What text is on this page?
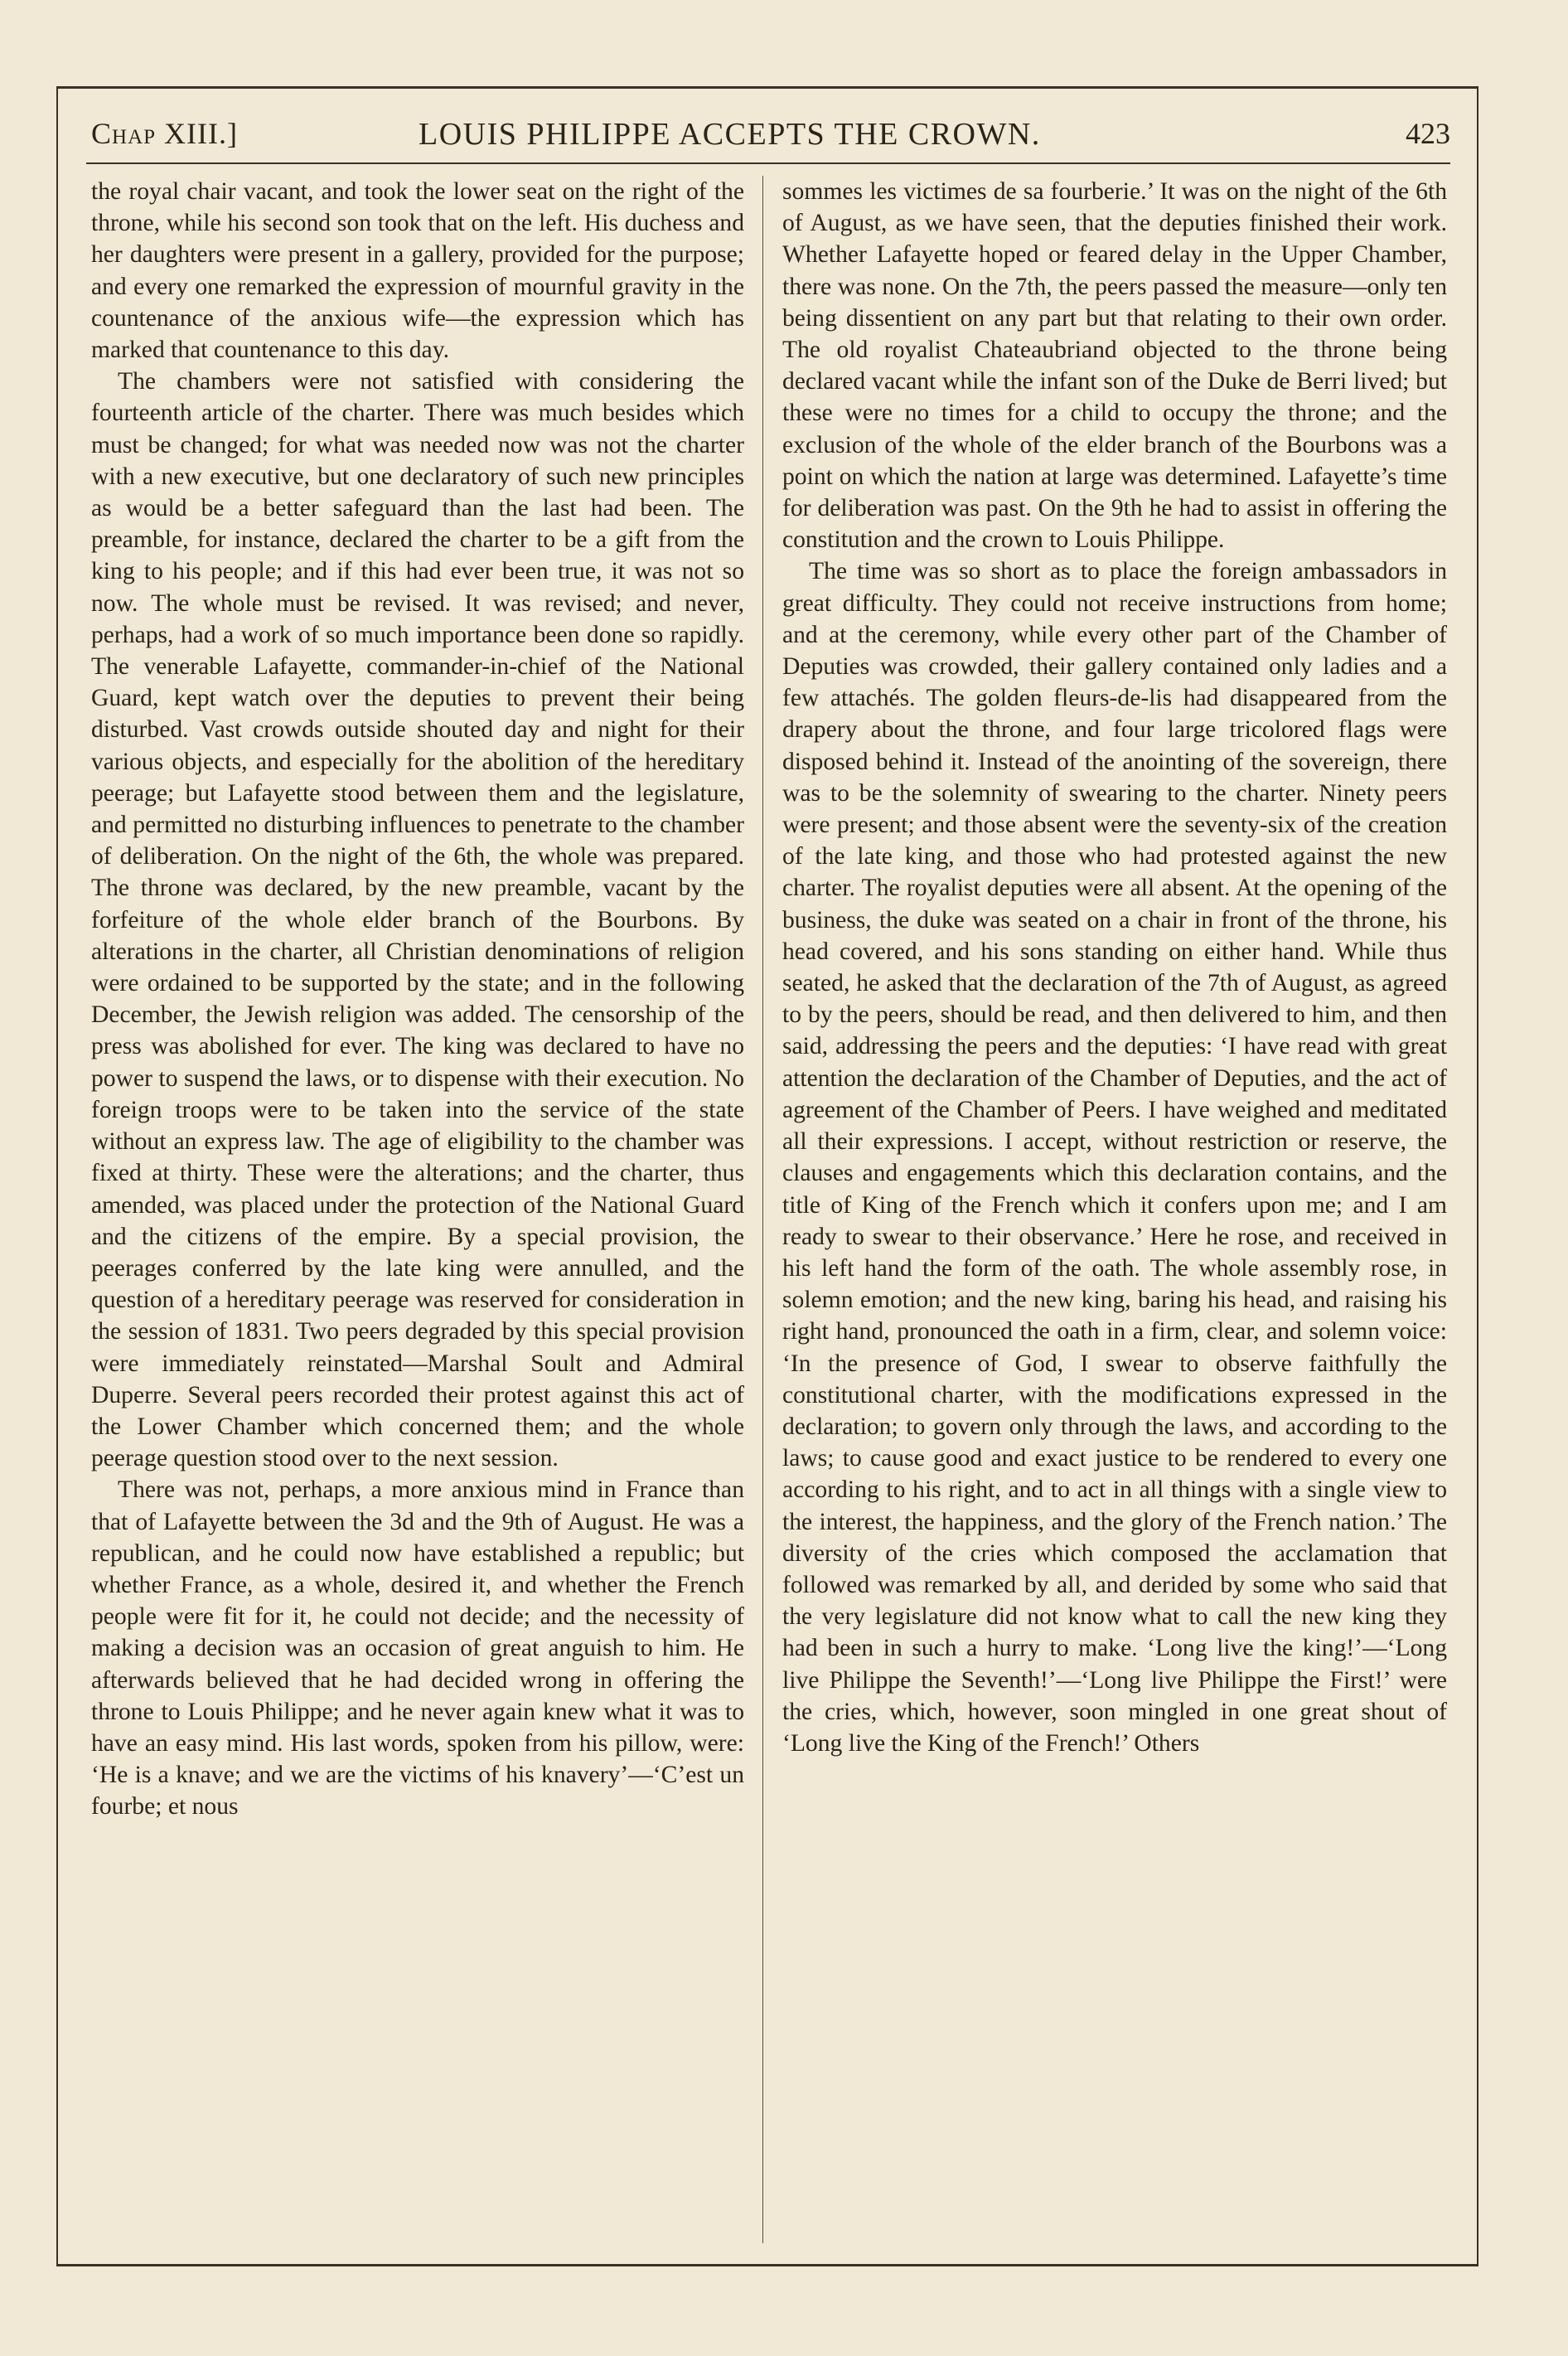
Chap XIII.]	LOUIS PHILIPPE ACCEPTS THE CROWN.	423

the royal chair vacant, and took the lower seat on the right of the throne, while his second son took that on the left. His duchess and her daughters were present in a gallery, provided for the purpose; and every one remarked the expression of mournful gravity in the countenance of the anxious wife—the expression which has marked that countenance to this day.

The chambers were not satisfied with considering the fourteenth article of the charter. There was much besides which must be changed; for what was needed now was not the charter with a new executive, but one declaratory of such new principles as would be a better safeguard than the last had been. The preamble, for instance, declared the charter to be a gift from the king to his people; and if this had ever been true, it was not so now. The whole must be revised. It was revised; and never, perhaps, had a work of so much importance been done so rapidly. The venerable Lafayette, commander-in-chief of the National Guard, kept watch over the deputies to prevent their being disturbed. Vast crowds outside shouted day and night for their various objects, and especially for the abolition of the hereditary peerage; but Lafayette stood between them and the legislature, and permitted no disturbing influences to penetrate to the chamber of deliberation. On the night of the 6th, the whole was prepared. The throne was declared, by the new preamble, vacant by the forfeiture of the whole elder branch of the Bourbons. By alterations in the charter, all Christian denominations of religion were ordained to be supported by the state; and in the following December, the Jewish religion was added. The censorship of the press was abolished for ever. The king was declared to have no power to suspend the laws, or to dispense with their execution. No foreign troops were to be taken into the service of the state without an express law. The age of eligibility to the chamber was fixed at thirty. These were the alterations; and the charter, thus amended, was placed under the protection of the National Guard and the citizens of the empire. By a special provision, the peerages conferred by the late king were annulled, and the question of a hereditary peerage was reserved for consideration in the session of 1831. Two peers degraded by this special provision were immediately reinstated—Marshal Soult and Admiral Duperre. Several peers recorded their protest against this act of the Lower Chamber which concerned them; and the whole peerage question stood over to the next session.

There was not, perhaps, a more anxious mind in France than that of Lafayette between the 3d and the 9th of August. He was a republican, and he could now have established a republic; but whether France, as a whole, desired it, and whether the French people were fit for it, he could not decide; and the necessity of making a decision was an occasion of great anguish to him. He afterwards believed that he had decided wrong in offering the throne to Louis Philippe; and he never again knew what it was to have an easy mind. His last words, spoken from his pillow, were: ‘He is a knave; and we are the victims of his knavery’—‘C’est un fourbe; et nous

sommes les victimes de sa fourberie.’ It was on the night of the 6th of August, as we have seen, that the deputies finished their work. Whether Lafayette hoped or feared delay in the Upper Chamber, there was none. On the 7th, the peers passed the measure—only ten being dissentient on any part but that relating to their own order. The old royalist Chateaubriand objected to the throne being declared vacant while the infant son of the Duke de Berri lived; but these were no times for a child to occupy the throne; and the exclusion of the whole of the elder branch of the Bourbons was a point on which the nation at large was determined. Lafayette’s time for deliberation was past. On the 9th he had to assist in offering the constitution and the crown to Louis Philippe.

The time was so short as to place the foreign ambassadors in great difficulty. They could not receive instructions from home; and at the ceremony, while every other part of the Chamber of Deputies was crowded, their gallery contained only ladies and a few attachés. The golden fleurs-de-lis had disappeared from the drapery about the throne, and four large tricolored flags were disposed behind it. Instead of the anointing of the sovereign, there was to be the solemnity of swearing to the charter. Ninety peers were present; and those absent were the seventy-six of the creation of the late king, and those who had protested against the new charter. The royalist deputies were all absent. At the opening of the business, the duke was seated on a chair in front of the throne, his head covered, and his sons standing on either hand. While thus seated, he asked that the declaration of the 7th of August, as agreed to by the peers, should be read, and then delivered to him, and then said, addressing the peers and the deputies: ‘I have read with great attention the declaration of the Chamber of Deputies, and the act of agreement of the Chamber of Peers. I have weighed and meditated all their expressions. I accept, without restriction or reserve, the clauses and engagements which this declaration contains, and the title of King of the French which it confers upon me; and I am ready to swear to their observance.’ Here he rose, and received in his left hand the form of the oath. The whole assembly rose, in solemn emotion; and the new king, baring his head, and raising his right hand, pronounced the oath in a firm, clear, and solemn voice: ‘In the presence of God, I swear to observe faithfully the constitutional charter, with the modifications expressed in the declaration; to govern only through the laws, and according to the laws; to cause good and exact justice to be rendered to every one according to his right, and to act in all things with a single view to the interest, the happiness, and the glory of the French nation.’ The diversity of the cries which composed the acclamation that followed was remarked by all, and derided by some who said that the very legislature did not know what to call the new king they had been in such a hurry to make. ‘Long live the king!’—‘Long live Philippe the Seventh!’—‘Long live Philippe the First!’ were the cries, which, however, soon mingled in one great shout of ‘Long live the King of the French!’ Others
